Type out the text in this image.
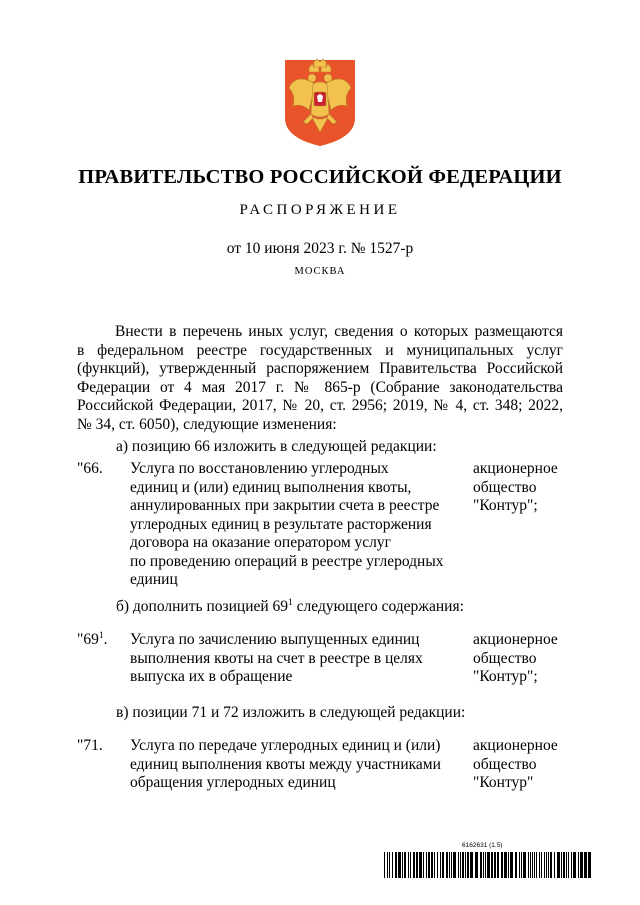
ПРАВИТЕЛЬСТВО РОССИЙСКОЙ ФЕДЕРАЦИИ
РАСПОРЯЖЕНИЕ
от 10 июня 2023 г. № 1527-р
МОСКВА
Внести в перечень иных услуг, сведения о которых размещаются
в федеральном реестре государственных и муниципальных услуг
(функций), утвержденный распоряжением Правительства Российской
Федерации от 4 мая 2017 г. № 865-р (Собрание законодательства
Российской Федерации, 2017, № 20, ст. 2956; 2019, № 4, ст. 348; 2022,
№ 34, ст. 6050), следующие изменения:
а) позицию 66 изложить в следующей редакции:
"66. Услуга по восстановлению углеродных
единиц и (или) единиц выполнения квоты,
аннулированных при закрытии счета в реестре
углеродных единиц в результате расторжения
договора на оказание оператором услуг
по проведению операций в реестре углеродных
единиц
акционерное
общество
"Контур";
б) дополнить позицией $69^1$ следующего содержания:
"$69^1$. Услуга по зачислению выпущенных единиц
выполнения квоты на счет в реестре в целях
выпуска их в обращение
акционерное
общество
"Контур";
в) позиции 71 и 72 изложить в следующей редакции:
"71. Услуга по передаче углеродных единиц и (или)
единиц выполнения квоты между участниками
обращения углеродных единиц
акционерное
общество
"Контур"
6162631 (1.5)
